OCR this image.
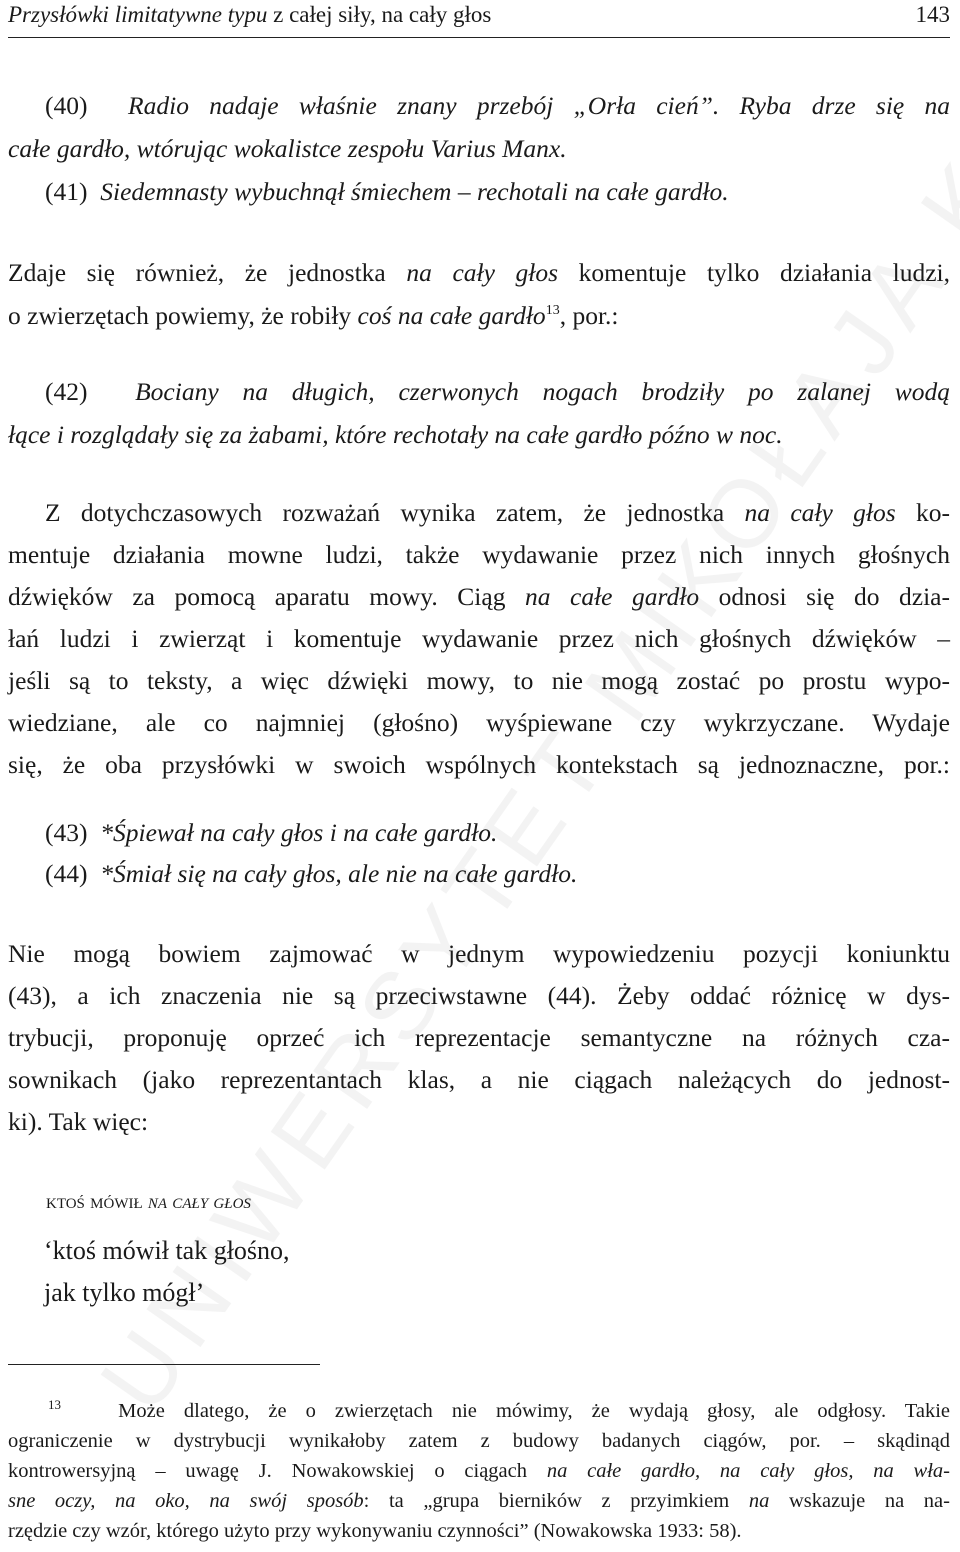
Przysłówki limitatywne typu z całej siły, na cały głos	143
(40) Radio nadaje właśnie znany przebój „Orła cień”. Ryba drze się na
całe gardło, wtórując wokalistce zespołu Varius Manx.
(41) Siedemnasty wybuchnął śmiechem – rechotali na całe gardło.
Zdaje się również, że jednostka na cały głos komentuje tylko działania ludzi,
o zwierzętach powiemy, że robiły coś na całe gardło$^{13}$, por.:
(42) Bociany na długich, czerwonych nogach brodziły po zalanej wodą
łące i rozglądały się za żabami, które rechotały na całe gardło późno w noc.
Z dotychczasowych rozważań wynika zatem, że jednostka na cały głos ko-
mentuje działania mowne ludzi, także wydawanie przez nich innych głośnych
dźwięków za pomocą aparatu mowy. Ciąg na całe gardło odnosi się do dzia-
łań ludzi i zwierząt i komentuje wydawanie przez nich głośnych dźwięków –
jeśli są to teksty, a więc dźwięki mowy, to nie mogą zostać po prostu wypo-
wiedziane, ale co najmniej (głośno) wyśpiewane czy wykrzyczane. Wydaje
się, że oba przysłówki w swoich wspólnych kontekstach są jednoznaczne, por.:
(43) *Śpiewał na cały głos i na całe gardło.
(44) *Śmiał się na cały głos, ale nie na całe gardło.
Nie mogą bowiem zajmować w jednym wypowiedzeniu pozycji koniunktu
(43), a ich znaczenia nie są przeciwstawne (44). Żeby oddać różnicę w dys-
trybucji, proponuję oprzeć ich reprezentacje semantyczne na różnych cza-
sownikach (jako reprezentantach klas, a nie ciągach należących do jednost-
ki). Tak więc:
ktoś mówił na cały głos
‘ktoś mówił tak głośno,
jak tylko mógł’
$^{13}$	Może dlatego, że o zwierzętach nie mówimy, że wydają głosy, ale odgłosy. Takie
ograniczenie w dystrybucji wynikałoby zatem z budowy badanych ciągów, por. – skądinąd
kontrowersyjną – uwagę J. Nowakowskiej o ciągach na całe gardło, na cały głos, na wła-
sne oczy, na oko, na swój sposób: ta „grupa bierników z przyimkiem na wskazuje na na-
rzędzie czy wzór, którego użyto przy wykonywaniu czynności” (Nowakowska 1933: 58).
